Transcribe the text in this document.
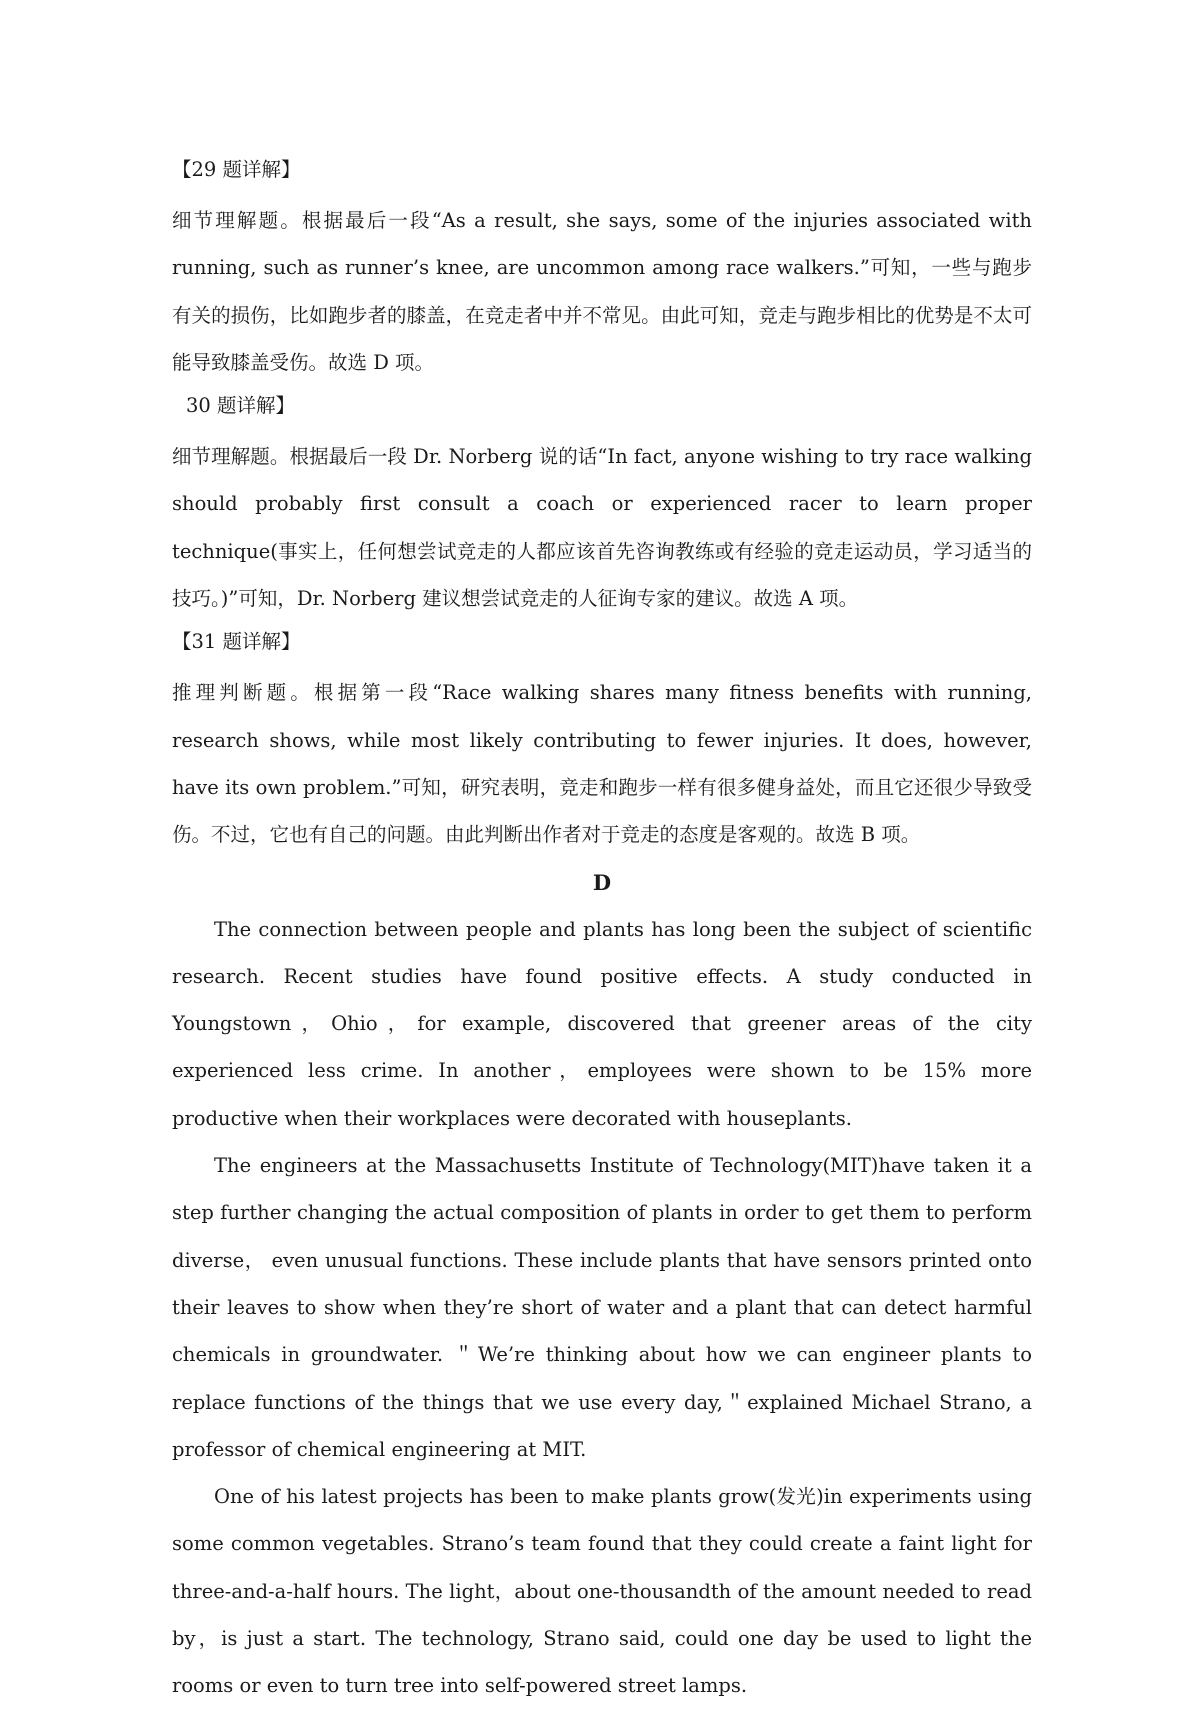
【29 题详解】
细节理解题。根据最后一段“As a result, she says, some of the injuries associated with running, such as runner’s knee, are uncommon among race walkers.”可知，一些与跑步有关的损伤，比如跑步者的膝盖，在竞走者中并不常见。由此可知，竞走与跑步相比的优势是不太可能导致膝盖受伤。故选 D 项。
30 题详解】
细节理解题。根据最后一段 Dr. Norberg 说的话“In fact, anyone wishing to try race walking should probably first consult a coach or experienced racer to learn proper technique(事实上，任何想尝试竞走的人都应该首先咨询教练或有经验的竞走运动员，学习适当的技巧。)”可知，Dr. Norberg 建议想尝试竞走的人征询专家的建议。故选 A 项。
【31 题详解】
推理判断题。根据第一段“Race walking shares many fitness benefits with running, research shows, while most likely contributing to fewer injuries. It does, however, have its own problem.”可知，研究表明，竞走和跑步一样有很多健身益处，而且它还很少导致受伤。不过，它也有自己的问题。由此判断出作者对于竞走的态度是客观的。故选 B 项。
D
The connection between people and plants has long been the subject of scientific research. Recent studies have found positive effects. A study conducted in Youngstown，Ohio，for example, discovered that greener areas of the city experienced less crime. In another，employees were shown to be 15% more productive when their workplaces were decorated with houseplants.
The engineers at the Massachusetts Institute of Technology(MIT)have taken it a step further changing the actual composition of plants in order to get them to perform diverse， even unusual functions. These include plants that have sensors printed onto their leaves to show when they’re short of water and a plant that can detect harmful chemicals in groundwater. ＂We’re thinking about how we can engineer plants to replace functions of the things that we use every day,＂explained Michael Strano, a professor of chemical engineering at MIT.
One of his latest projects has been to make plants grow(发光)in experiments using some common vegetables. Strano’s team found that they could create a faint light for three-and-a-half hours. The light，about one-thousandth of the amount needed to read by，is just a start. The technology, Strano said, could one day be used to light the rooms or even to turn tree into self-powered street lamps.
